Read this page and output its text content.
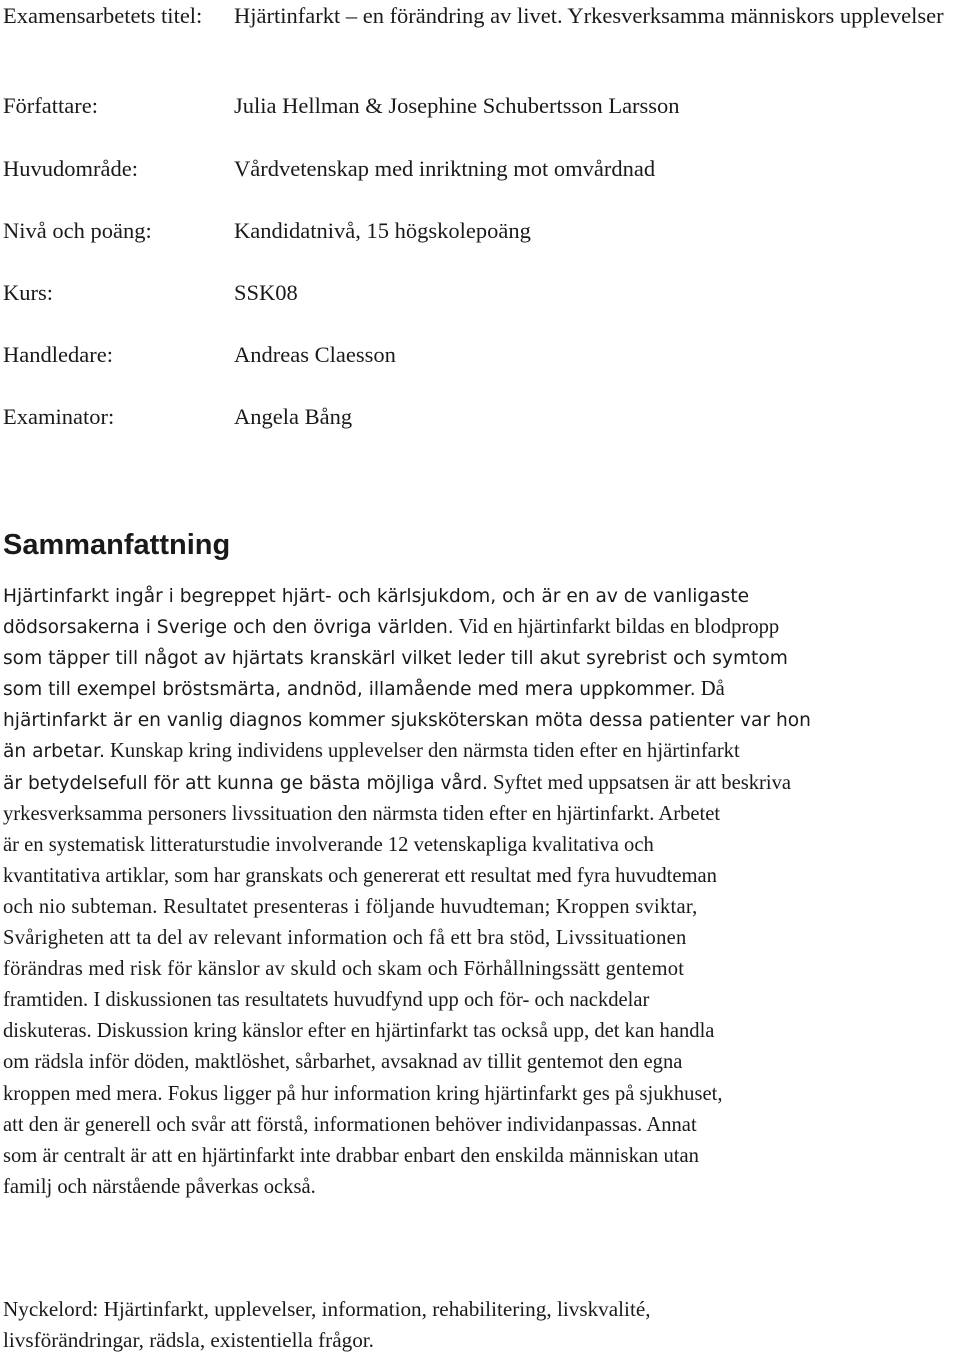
Examensarbetets titel:	Hjärtinfarkt – en förändring av livet. Yrkesverksamma människors upplevelser
Författare:	Julia Hellman & Josephine Schubertsson Larsson
Huvudområde:	Vårdvetenskap med inriktning mot omvårdnad
Nivå och poäng:	Kandidatnivå, 15 högskolepoäng
Kurs:	SSK08
Handledare:	Andreas Claesson
Examinator:	Angela Bång
Sammanfattning
Hjärtinfarkt ingår i begreppet hjärt- och kärlsjukdom, och är en av de vanligaste
dödsorsakerna i Sverige och den övriga världen. Vid en hjärtinfarkt bildas en blodpropp
som täpper till något av hjärtats kranskärl vilket leder till akut syrebrist och symtom
som till exempel bröstsmärta, andnöd, illamående med mera uppkommer. Då
hjärtinfarkt är en vanlig diagnos kommer sjuksköterskan möta dessa patienter var hon
än arbetar. Kunskap kring individens upplevelser den närmsta tiden efter en hjärtinfarkt
är betydelsefull för att kunna ge bästa möjliga vård. Syftet med uppsatsen är att beskriva
yrkesverksamma personers livssituation den närmsta tiden efter en hjärtinfarkt. Arbetet
är en systematisk litteraturstudie involverande 12 vetenskapliga kvalitativa och
kvantitativa artiklar, som har granskats och genererat ett resultat med fyra huvudteman
och nio subteman. Resultatet presenteras i följande huvudteman; Kroppen sviktar,
Svårigheten att ta del av relevant information och få ett bra stöd, Livssituationen
förändras med risk för känslor av skuld och skam och Förhållningssätt gentemot
framtiden. I diskussionen tas resultatets huvudfynd upp och för- och nackdelar
diskuteras. Diskussion kring känslor efter en hjärtinfarkt tas också upp, det kan handla
om rädsla inför döden, maktlöshet, sårbarhet, avsaknad av tillit gentemot den egna
kroppen med mera. Fokus ligger på hur information kring hjärtinfarkt ges på sjukhuset,
att den är generell och svår att förstå, informationen behöver individanpassas. Annat
som är centralt är att en hjärtinfarkt inte drabbar enbart den enskilda människan utan
familj och närstående påverkas också.
Nyckelord: Hjärtinfarkt, upplevelser, information, rehabilitering, livskvalité,
livsförändringar, rädsla, existentiella frågor.
